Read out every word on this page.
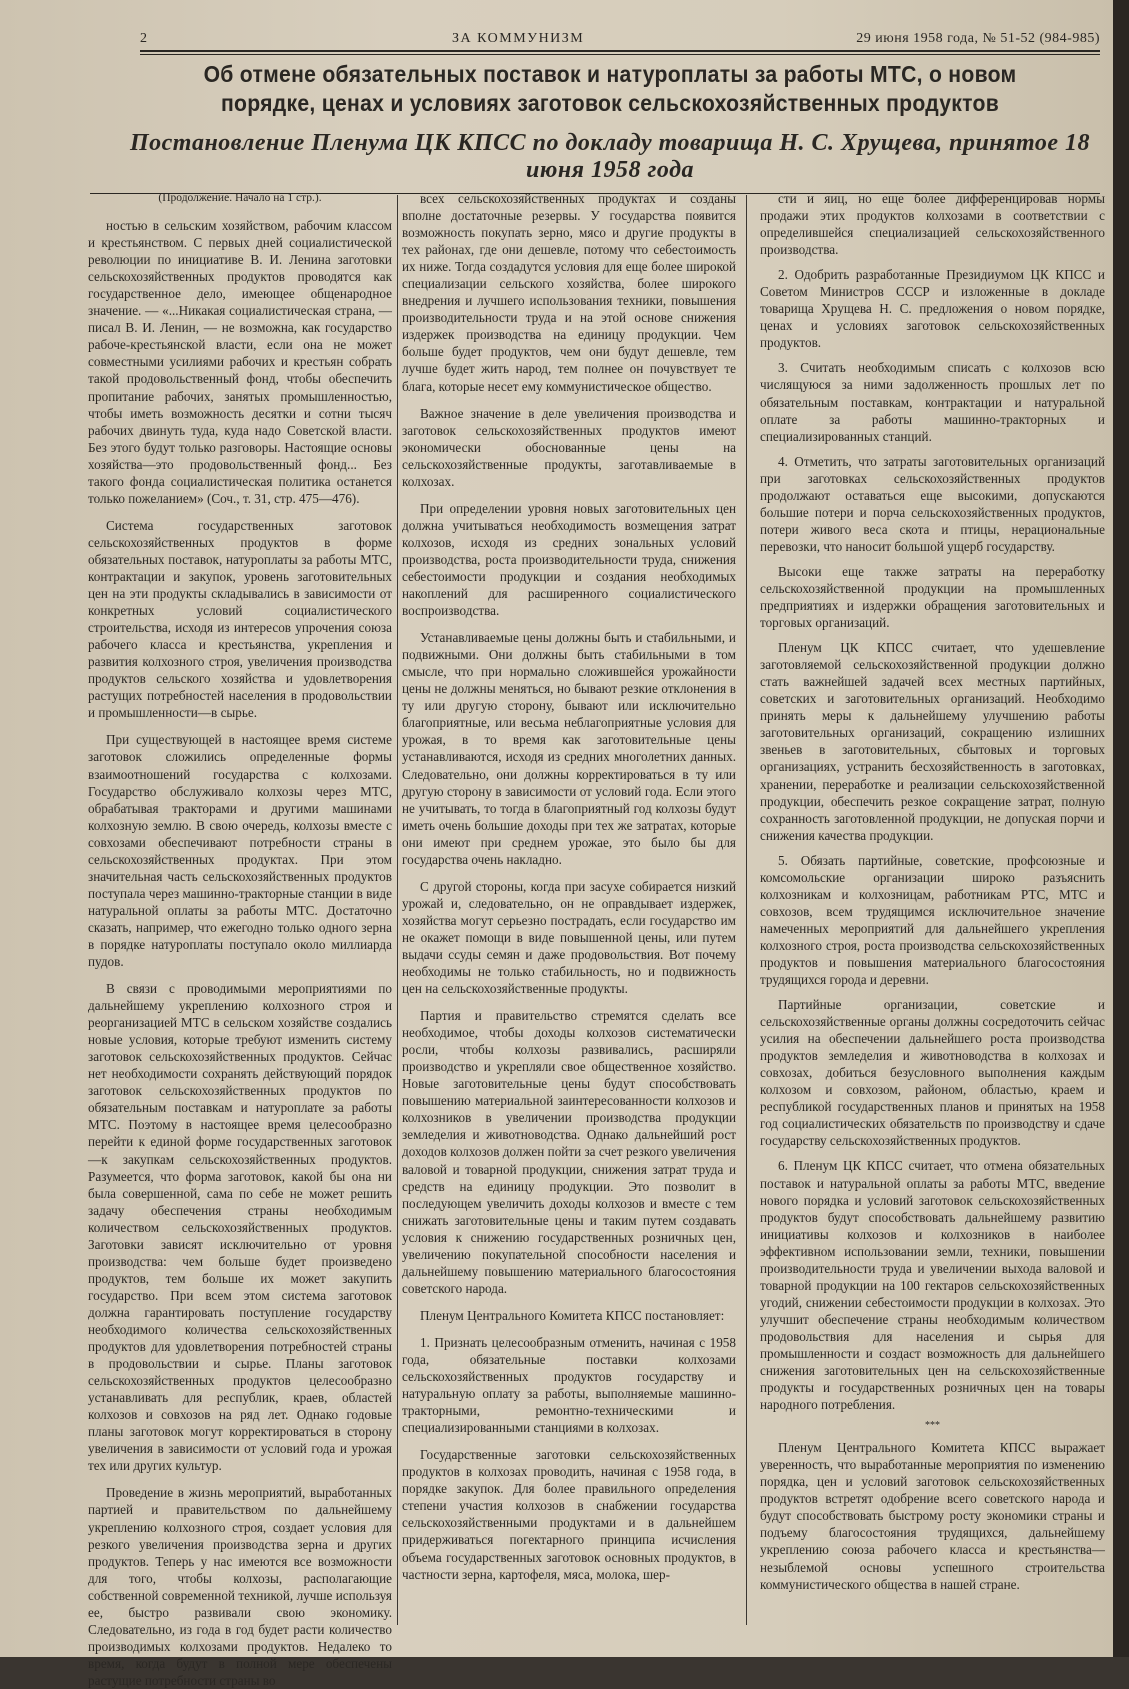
2	ЗА КОММУНИЗМ	29 июня 1958 года, № 51-52 (984-985)
Об отмене обязательных поставок и натуроплаты за работы МТС, о новом порядке, ценах и условиях заготовок сельскохозяйственных продуктов
Постановление Пленума ЦК КПСС по докладу товарища Н. С. Хрущева, принятое 18 июня 1958 года

(Продолжение. Начало на 1 стр.).

ностью в сельским хозяйством, рабочим классом и крестьянством. С первых дней социалистической революции по инициативе В. И. Ленина заготовки сельскохозяйственных продуктов проводятся как государственное дело, имеющее общенародное значение. — «...Никакая социалистическая страна, — писал В. И. Ленин, — не возможна, как государство рабоче-крестьянской власти, если она не может совместными усилиями рабочих и крестьян собрать такой продовольственный фонд, чтобы обеспечить пропитание рабочих, занятых промышленностью, чтобы иметь возможность десятки и сотни тысяч рабочих двинуть туда, куда надо Советской власти. Без этого будут только разговоры. Настоящие основы хозяйства—это продовольственный фонд... Без такого фонда социалистическая политика останется только пожеланием» (Соч., т. 31, стр. 475—476).

Система государственных заготовок сельскохозяйственных продуктов в форме обязательных поставок, натуроплаты за работы МТС, контрактации и закупок, уровень заготовительных цен на эти продукты складывались в зависимости от конкретных условий социалистического строительства, исходя из интересов упрочения союза рабочего класса и крестьянства, укрепления и развития колхозного строя, увеличения производства продуктов сельского хозяйства и удовлетворения растущих потребностей населения в продовольствии и промышленности—в сырье.

При существующей в настоящее время системе заготовок сложились определенные формы взаимоотношений государства с колхозами. Государство обслуживало колхозы через МТС, обрабатывая тракторами и другими машинами колхозную землю. В свою очередь, колхозы вместе с совхозами обеспечивают потребности страны в сельскохозяйственных продуктах. При этом значительная часть сельскохозяйственных продуктов поступала через машинно-тракторные станции в виде натуральной оплаты за работы МТС. Достаточно сказать, например, что ежегодно только одного зерна в порядке натуроплаты поступало около миллиарда пудов.

В связи с проводимыми мероприятиями по дальнейшему укреплению колхозного строя и реорганизацией МТС в сельском хозяйстве создались новые условия, которые требуют изменить систему заготовок сельскохозяйственных продуктов. Сейчас нет необходимости сохранять действующий порядок заготовок сельскохозяйственных продуктов по обязательным поставкам и натуроплате за работы МТС. Поэтому в настоящее время целесообразно перейти к единой форме государственных заготовок—к закупкам сельскохозяйственных продуктов. Разумеется, что форма заготовок, какой бы она ни была совершенной, сама по себе не может решить задачу обеспечения страны необходимым количеством сельскохозяйственных продуктов. Заготовки зависят исключительно от уровня производства: чем больше будет произведено продуктов, тем больше их может закупить государство. При всем этом система заготовок должна гарантировать поступление государству необходимого количества сельскохозяйственных продуктов для удовлетворения потребностей страны в продовольствии и сырье. Планы заготовок сельскохозяйственных продуктов целесообразно устанавливать для республик, краев, областей колхозов и совхозов на ряд лет. Однако годовые планы заготовок могут корректироваться в сторону увеличения в зависимости от условий года и урожая тех или других культур.

Проведение в жизнь мероприятий, выработанных партией и правительством по дальнейшему укреплению колхозного строя, создает условия для резкого увеличения производства зерна и других продуктов. Теперь у нас имеются все возможности для того, чтобы колхозы, располагающие собственной современной техникой, лучше используя ее, быстро развивали свою экономику. Следовательно, из года в год будет расти количество производимых колхозами продуктов. Недалеко то время, когда будут в полной мере обеспечены растущие потребности страны во

всех сельскохозяйственных продуктах и созданы вполне достаточные резервы. У государства появится возможность покупать зерно, мясо и другие продукты в тех районах, где они дешевле, потому что себестоимость их ниже. Тогда создадутся условия для еще более широкой специализации сельского хозяйства, более широкого внедрения и лучшего использования техники, повышения производительности труда и на этой основе снижения издержек производства на единицу продукции. Чем больше будет продуктов, чем они будут дешевле, тем лучше будет жить народ, тем полнее он почувствует те блага, которые несет ему коммунистическое общество.

Важное значение в деле увеличения производства и заготовок сельскохозяйственных продуктов имеют экономически обоснованные цены на сельскохозяйственные продукты, заготавливаемые в колхозах.

При определении уровня новых заготовительных цен должна учитываться необходимость возмещения затрат колхозов, исходя из средних зональных условий производства, роста производительности труда, снижения себестоимости продукции и создания необходимых накоплений для расширенного социалистического воспроизводства.

Устанавливаемые цены должны быть и стабильными, и подвижными. Они должны быть стабильными в том смысле, что при нормально сложившейся урожайности цены не должны меняться, но бывают резкие отклонения в ту или другую сторону, бывают или исключительно благоприятные, или весьма неблагоприятные условия для урожая, в то время как заготовительные цены устанавливаются, исходя из средних многолетних данных. Следовательно, они должны корректироваться в ту или другую сторону в зависимости от условий года. Если этого не учитывать, то тогда в благоприятный год колхозы будут иметь очень большие доходы при тех же затратах, которые они имеют при среднем урожае, это было бы для государства очень накладно.

С другой стороны, когда при засухе собирается низкий урожай и, следовательно, он не оправдывает издержек, хозяйства могут серьезно пострадать, если государство им не окажет помощи в виде повышенной цены, или путем выдачи ссуды семян и даже продовольствия. Вот почему необходимы не только стабильность, но и подвижность цен на сельскохозяйственные продукты.

Партия и правительство стремятся сделать все необходимое, чтобы доходы колхозов систематически росли, чтобы колхозы развивались, расширяли производство и укрепляли свое общественное хозяйство. Новые заготовительные цены будут способствовать повышению материальной заинтересованности колхозов и колхозников в увеличении производства продукции земледелия и животноводства. Однако дальнейший рост доходов колхозов должен пойти за счет резкого увеличения валовой и товарной продукции, снижения затрат труда и средств на единицу продукции. Это позволит в последующем увеличить доходы колхозов и вместе с тем снижать заготовительные цены и таким путем создавать условия к снижению государственных розничных цен, увеличению покупательной способности населения и дальнейшему повышению материального благосостояния советского народа.

Пленум Центрального Комитета КПСС постановляет:

1. Признать целесообразным отменить, начиная с 1958 года, обязательные поставки колхозами сельскохозяйственных продуктов государству и натуральную оплату за работы, выполняемые машинно-тракторными, ремонтно-техническими и специализированными станциями в колхозах.

Государственные заготовки сельскохозяйственных продуктов в колхозах проводить, начиная с 1958 года, в порядке закупок. Для более правильного определения степени участия колхозов в снабжении государства сельскохозяйственными продуктами и в дальнейшем придерживаться погектарного принципа исчисления объема государственных заготовок основных продуктов, в частности зерна, картофеля, мяса, молока, шер-

сти и яиц, но еще более дифференцировав нормы продажи этих продуктов колхозами в соответствии с определившейся специализацией сельскохозяйственного производства.

2. Одобрить разработанные Президиумом ЦК КПСС и Советом Министров СССР и изложенные в докладе товарища Хрущева Н. С. предложения о новом порядке, ценах и условиях заготовок сельскохозяйственных продуктов.

3. Считать необходимым списать с колхозов всю числящуюся за ними задолженность прошлых лет по обязательным поставкам, контрактации и натуральной оплате за работы машинно-тракторных и специализированных станций.

4. Отметить, что затраты заготовительных организаций при заготовках сельскохозяйственных продуктов продолжают оставаться еще высокими, допускаются большие потери и порча сельскохозяйственных продуктов, потери живого веса скота и птицы, нерациональные перевозки, что наносит большой ущерб государству.

Высоки еще также затраты на переработку сельскохозяйственной продукции на промышленных предприятиях и издержки обращения заготовительных и торговых организаций.

Пленум ЦК КПСС считает, что удешевление заготовляемой сельскохозяйственной продукции должно стать важнейшей задачей всех местных партийных, советских и заготовительных организаций. Необходимо принять меры к дальнейшему улучшению работы заготовительных организаций, сокращению излишних звеньев в заготовительных, сбытовых и торговых организациях, устранить бесхозяйственность в заготовках, хранении, переработке и реализации сельскохозяйственной продукции, обеспечить резкое сокращение затрат, полную сохранность заготовленной продукции, не допуская порчи и снижения качества продукции.

5. Обязать партийные, советские, профсоюзные и комсомольские организации широко разъяснить колхозникам и колхозницам, работникам РТС, МТС и совхозов, всем трудящимся исключительное значение намеченных мероприятий для дальнейшего укрепления колхозного строя, роста производства сельскохозяйственных продуктов и повышения материального благосостояния трудящихся города и деревни.

Партийные организации, советские и сельскохозяйственные органы должны сосредоточить сейчас усилия на обеспечении дальнейшего роста производства продуктов земледелия и животноводства в колхозах и совхозах, добиться безусловного выполнения каждым колхозом и совхозом, районом, областью, краем и республикой государственных планов и принятых на 1958 год социалистических обязательств по производству и сдаче государству сельскохозяйственных продуктов.

6. Пленум ЦК КПСС считает, что отмена обязательных поставок и натуральной оплаты за работы МТС, введение нового порядка и условий заготовок сельскохозяйственных продуктов будут способствовать дальнейшему развитию инициативы колхозов и колхозников в наиболее эффективном использовании земли, техники, повышении производительности труда и увеличении выхода валовой и товарной продукции на 100 гектаров сельскохозяйственных угодий, снижении себестоимости продукции в колхозах. Это улучшит обеспечение страны необходимым количеством продовольствия для населения и сырья для промышленности и создаст возможность для дальнейшего снижения заготовительных цен на сельскохозяйственные продукты и государственных розничных цен на товары народного потребления.

***

Пленум Центрального Комитета КПСС выражает уверенность, что выработанные мероприятия по изменению порядка, цен и условий заготовок сельскохозяйственных продуктов встретят одобрение всего советского народа и будут способствовать быстрому росту экономики страны и подъему благосостояния трудящихся, дальнейшему укреплению союза рабочего класса и крестьянства—незыблемой основы успешного строительства коммунистического общества в нашей стране.
